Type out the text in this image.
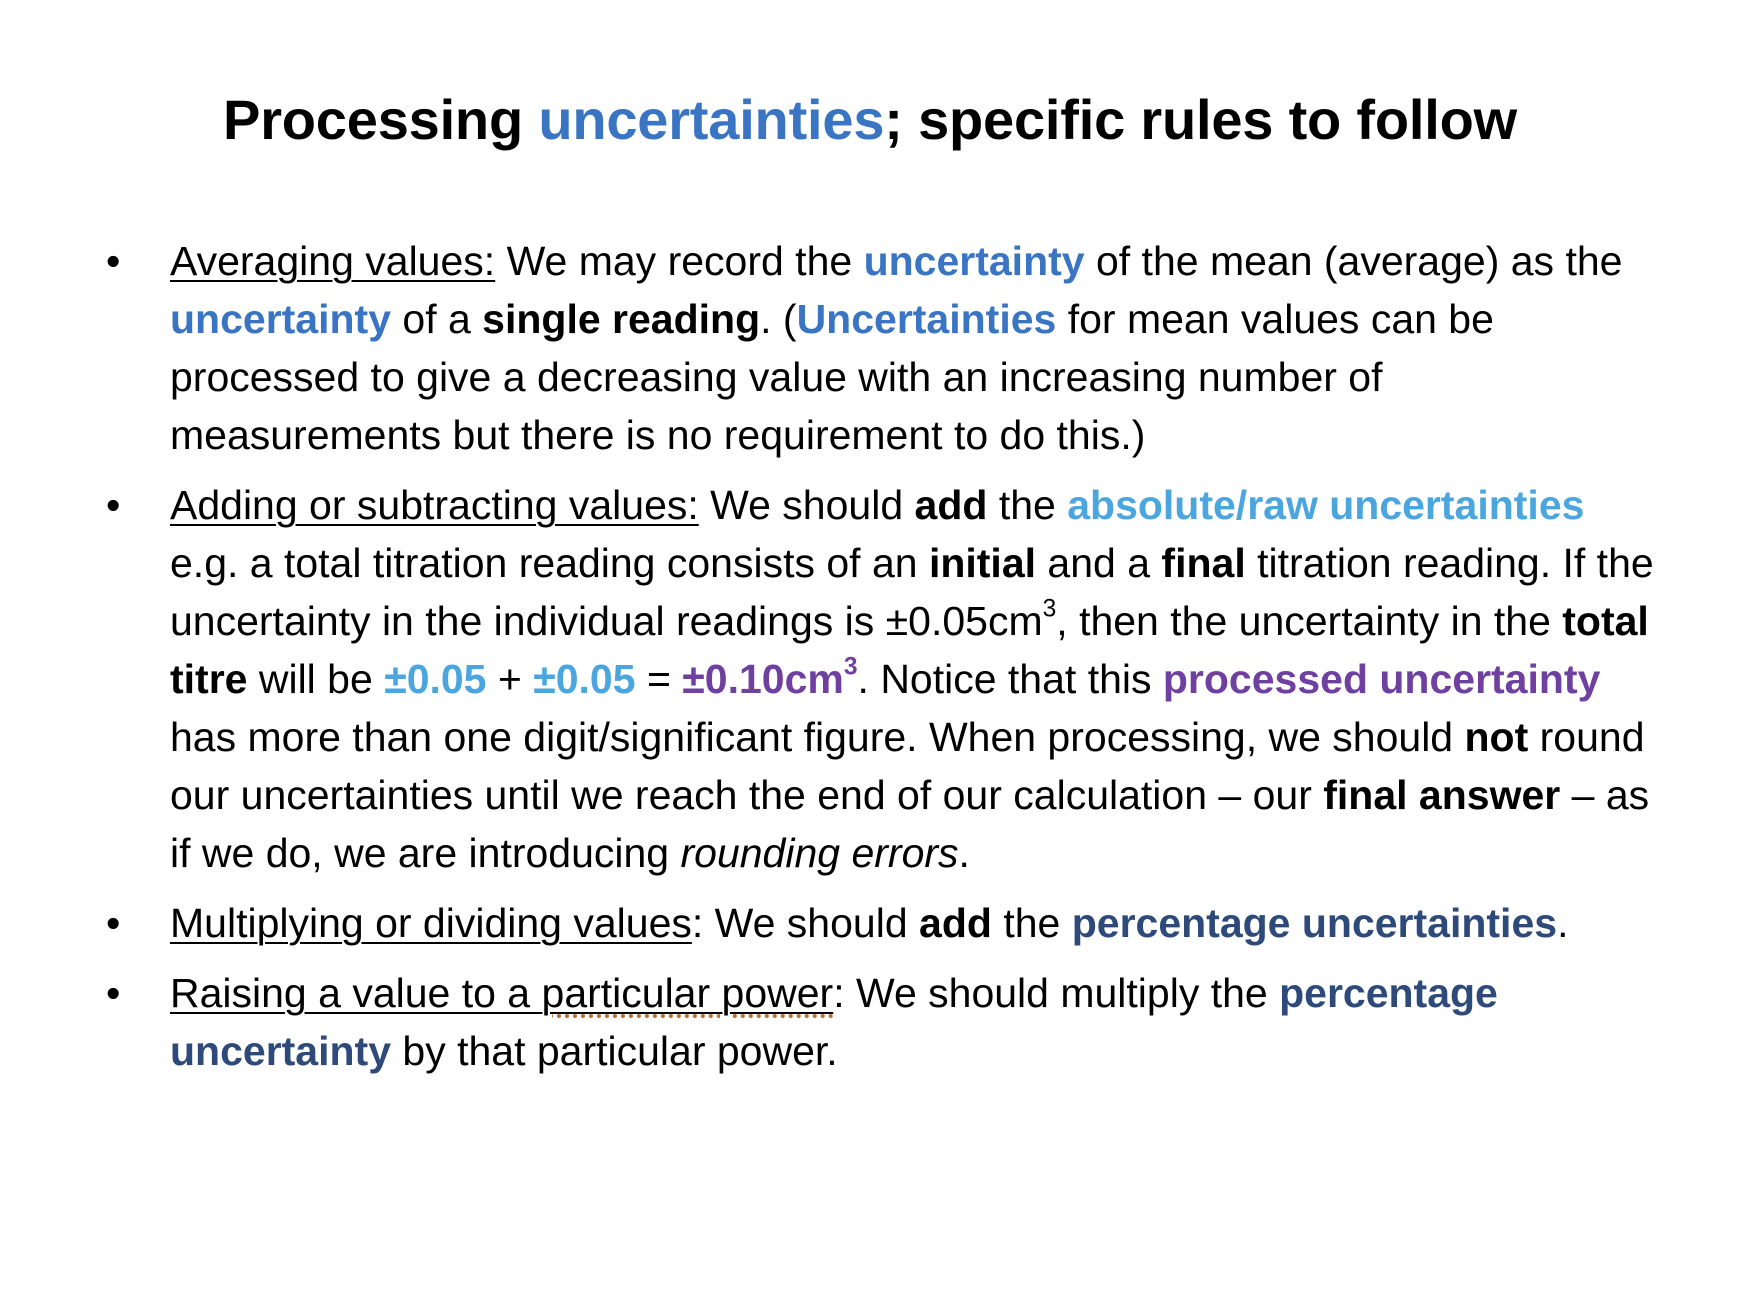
Processing uncertainties; specific rules to follow
• Averaging values: We may record the uncertainty of the mean (average) as the uncertainty of a single reading. (Uncertainties for mean values can be processed to give a decreasing value with an increasing number of measurements but there is no requirement to do this.)
• Adding or subtracting values: We should add the absolute/raw uncertainties e.g. a total titration reading consists of an initial and a final titration reading. If the uncertainty in the individual readings is $\pm 0.05cm^3$, then the uncertainty in the total titre will be $\pm 0.05 + \pm 0.05 = \pm 0.10cm^3$. Notice that this processed uncertainty has more than one digit/significant figure. When processing, we should not round our uncertainties until we reach the end of our calculation – our final answer – as if we do, we are introducing rounding errors.
• Multiplying or dividing values: We should add the percentage uncertainties.
• Raising a value to a particular power: We should multiply the percentage uncertainty by that particular power.
